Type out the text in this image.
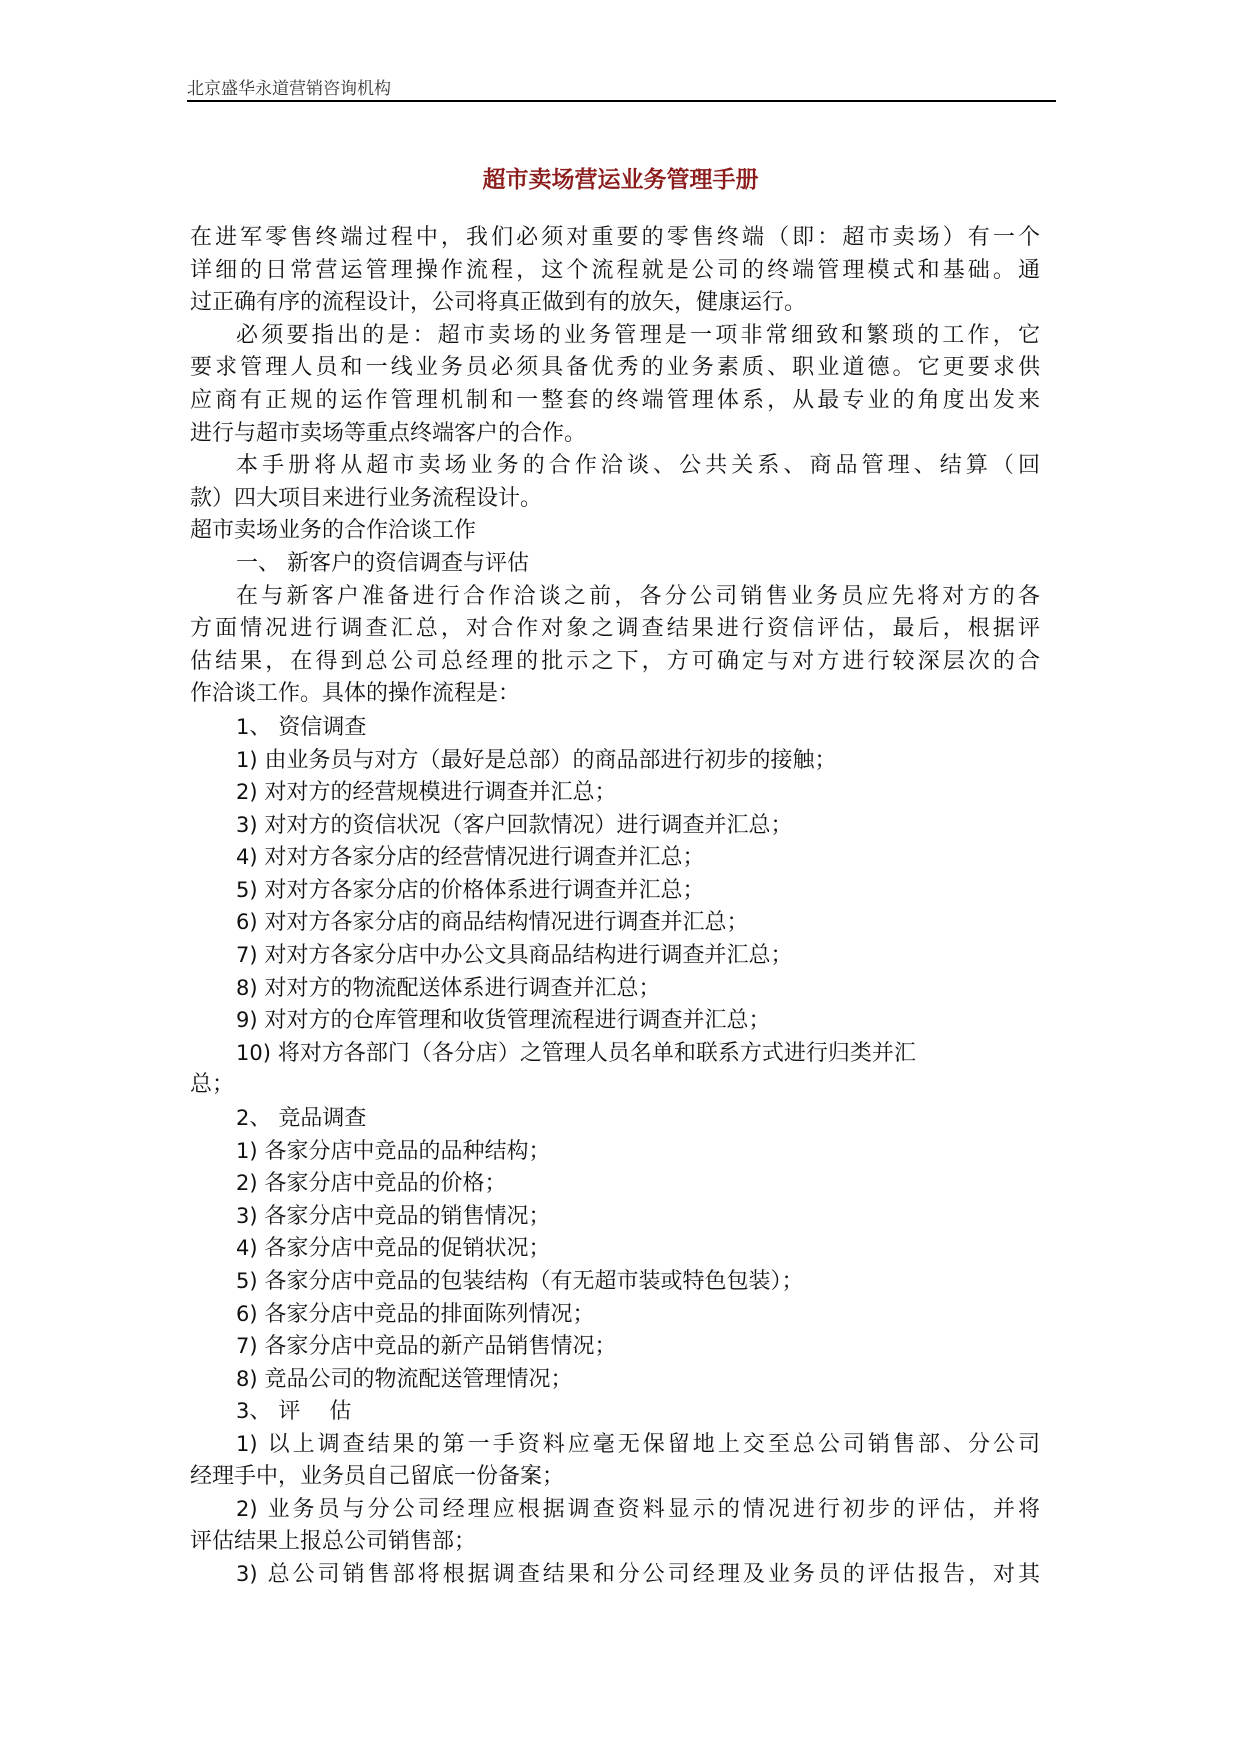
北京盛华永道营销咨询机构
超市卖场营运业务管理手册
在进军零售终端过程中，我们必须对重要的零售终端（即：超市卖场）有一个
详细的日常营运管理操作流程，这个流程就是公司的终端管理模式和基础。通
过正确有序的流程设计，公司将真正做到有的放矢，健康运行。
必须要指出的是：超市卖场的业务管理是一项非常细致和繁琐的工作，它
要求管理人员和一线业务员必须具备优秀的业务素质、职业道德。它更要求供
应商有正规的运作管理机制和一整套的终端管理体系，从最专业的角度出发来
进行与超市卖场等重点终端客户的合作。
本手册将从超市卖场业务的合作洽谈、公共关系、商品管理、结算（回
款）四大项目来进行业务流程设计。
超市卖场业务的合作洽谈工作
一、 新客户的资信调查与评估
在与新客户准备进行合作洽谈之前，各分公司销售业务员应先将对方的各
方面情况进行调查汇总，对合作对象之调查结果进行资信评估，最后，根据评
估结果，在得到总公司总经理的批示之下，方可确定与对方进行较深层次的合
作洽谈工作。具体的操作流程是：
1、 资信调查
1) 由业务员与对方（最好是总部）的商品部进行初步的接触；
2) 对对方的经营规模进行调查并汇总；
3) 对对方的资信状况（客户回款情况）进行调查并汇总；
4) 对对方各家分店的经营情况进行调查并汇总；
5) 对对方各家分店的价格体系进行调查并汇总；
6) 对对方各家分店的商品结构情况进行调查并汇总；
7) 对对方各家分店中办公文具商品结构进行调查并汇总；
8) 对对方的物流配送体系进行调查并汇总；
9) 对对方的仓库管理和收货管理流程进行调查并汇总；
10) 将对方各部门（各分店）之管理人员名单和联系方式进行归类并汇
总；
2、 竞品调查
1) 各家分店中竞品的品种结构；
2) 各家分店中竞品的价格；
3) 各家分店中竞品的销售情况；
4) 各家分店中竞品的促销状况；
5) 各家分店中竞品的包装结构（有无超市装或特色包装）；
6) 各家分店中竞品的排面陈列情况；
7) 各家分店中竞品的新产品销售情况；
8) 竞品公司的物流配送管理情况；
3、 评　 估
1) 以上调查结果的第一手资料应毫无保留地上交至总公司销售部、分公司
经理手中，业务员自己留底一份备案；
2) 业务员与分公司经理应根据调查资料显示的情况进行初步的评估，并将
评估结果上报总公司销售部；
3) 总公司销售部将根据调查结果和分公司经理及业务员的评估报告，对其
